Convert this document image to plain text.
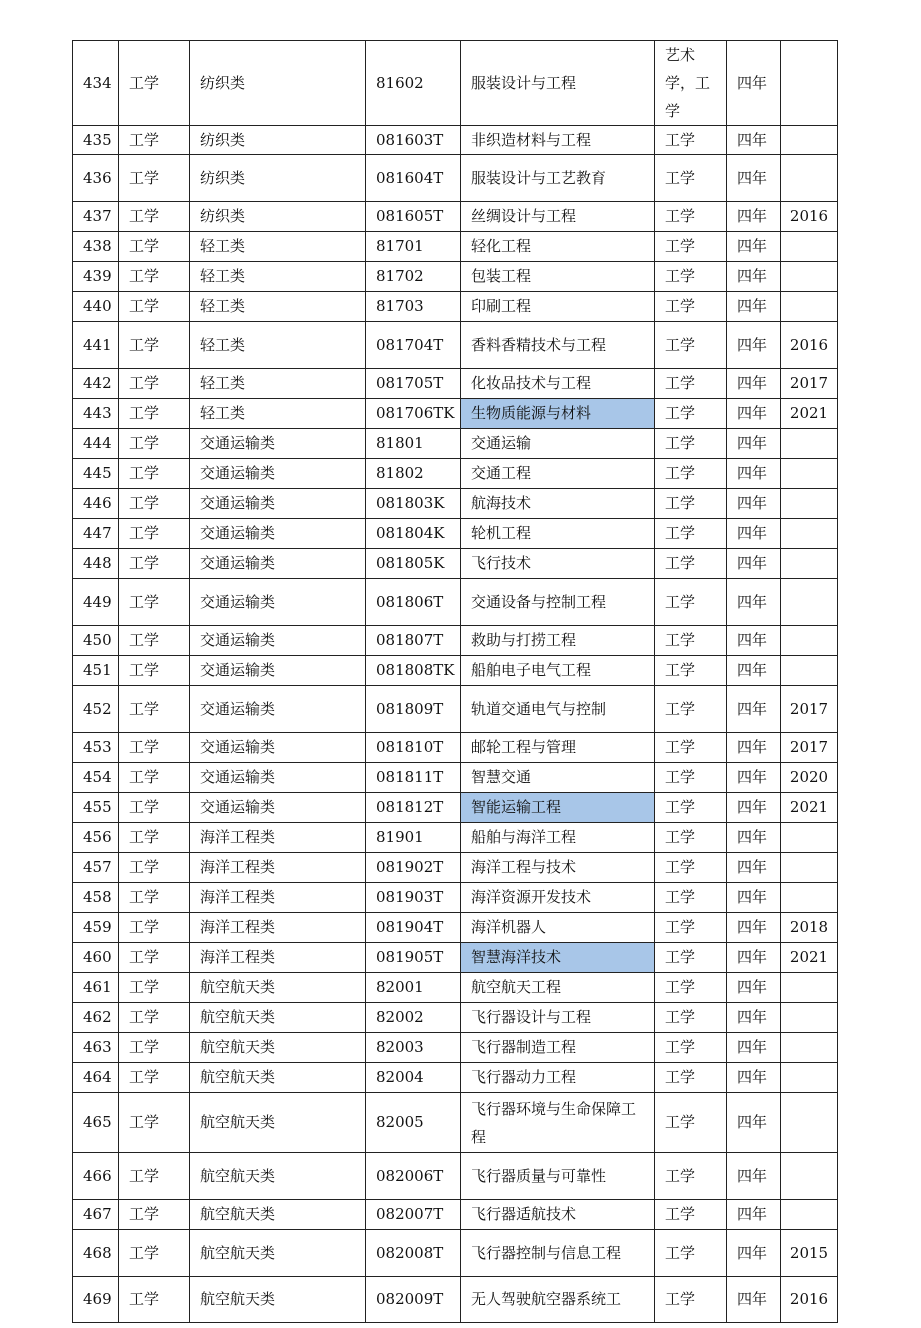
434	工学	纺织类	81602	服装设计与工程	艺术学，工学	四年	
435	工学	纺织类	081603T	非织造材料与工程	工学	四年	
436	工学	纺织类	081604T	服装设计与工艺教育	工学	四年	
437	工学	纺织类	081605T	丝绸设计与工程	工学	四年	2016
438	工学	轻工类	81701	轻化工程	工学	四年	
439	工学	轻工类	81702	包装工程	工学	四年	
440	工学	轻工类	81703	印刷工程	工学	四年	
441	工学	轻工类	081704T	香料香精技术与工程	工学	四年	2016
442	工学	轻工类	081705T	化妆品技术与工程	工学	四年	2017
443	工学	轻工类	081706TK	生物质能源与材料	工学	四年	2021
444	工学	交通运输类	81801	交通运输	工学	四年	
445	工学	交通运输类	81802	交通工程	工学	四年	
446	工学	交通运输类	081803K	航海技术	工学	四年	
447	工学	交通运输类	081804K	轮机工程	工学	四年	
448	工学	交通运输类	081805K	飞行技术	工学	四年	
449	工学	交通运输类	081806T	交通设备与控制工程	工学	四年	
450	工学	交通运输类	081807T	救助与打捞工程	工学	四年	
451	工学	交通运输类	081808TK	船舶电子电气工程	工学	四年	
452	工学	交通运输类	081809T	轨道交通电气与控制	工学	四年	2017
453	工学	交通运输类	081810T	邮轮工程与管理	工学	四年	2017
454	工学	交通运输类	081811T	智慧交通	工学	四年	2020
455	工学	交通运输类	081812T	智能运输工程	工学	四年	2021
456	工学	海洋工程类	81901	船舶与海洋工程	工学	四年	
457	工学	海洋工程类	081902T	海洋工程与技术	工学	四年	
458	工学	海洋工程类	081903T	海洋资源开发技术	工学	四年	
459	工学	海洋工程类	081904T	海洋机器人	工学	四年	2018
460	工学	海洋工程类	081905T	智慧海洋技术	工学	四年	2021
461	工学	航空航天类	82001	航空航天工程	工学	四年	
462	工学	航空航天类	82002	飞行器设计与工程	工学	四年	
463	工学	航空航天类	82003	飞行器制造工程	工学	四年	
464	工学	航空航天类	82004	飞行器动力工程	工学	四年	
465	工学	航空航天类	82005	飞行器环境与生命保障工程	工学	四年	
466	工学	航空航天类	082006T	飞行器质量与可靠性	工学	四年	
467	工学	航空航天类	082007T	飞行器适航技术	工学	四年	
468	工学	航空航天类	082008T	飞行器控制与信息工程	工学	四年	2015
469	工学	航空航天类	082009T	无人驾驶航空器系统工	工学	四年	2016
